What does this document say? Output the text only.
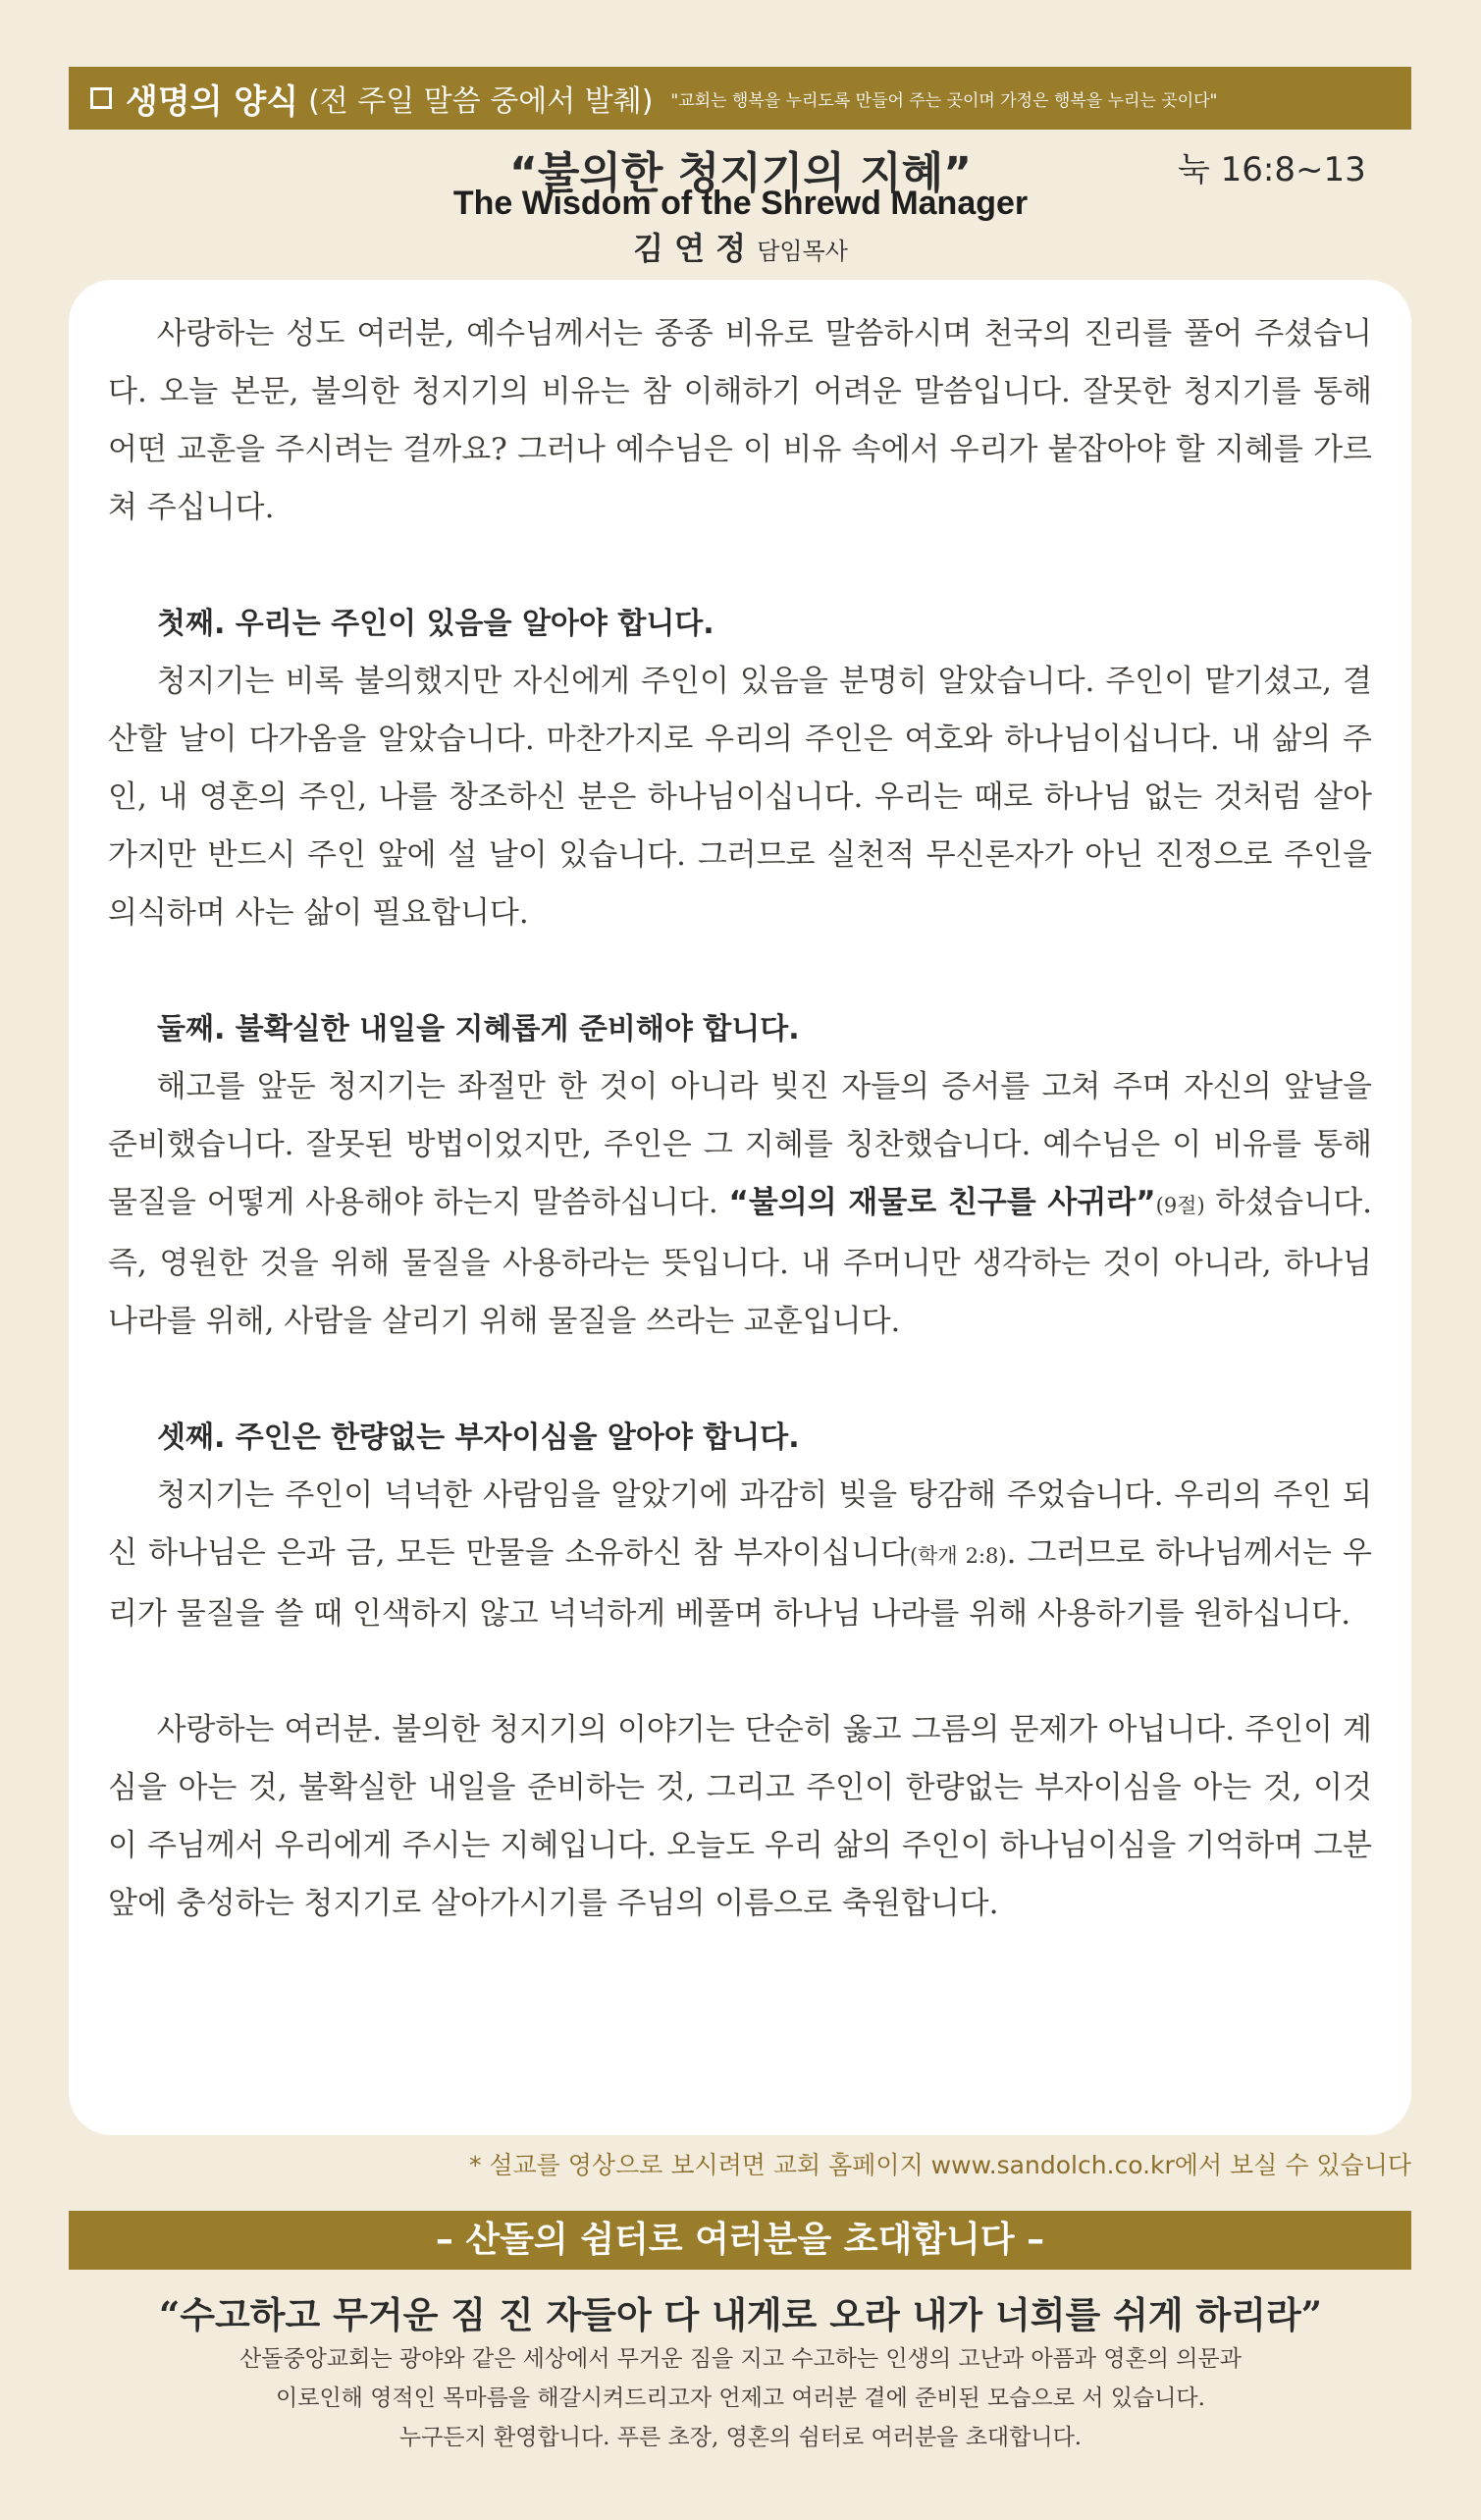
생명의 양식 (전 주일 말씀 중에서 발췌) "교회는 행복을 누리도록 만들어 주는 곳이며 가정은 행복을 누리는 곳이다"
“불의한 청지기의 지혜”	눅 16:8~13
The Wisdom of the Shrewd Manager
김 연 정 담임목사

사랑하는 성도 여러분, 예수님께서는 종종 비유로 말씀하시며 천국의 진리를 풀어 주셨습니다. 오늘 본문, 불의한 청지기의 비유는 참 이해하기 어려운 말씀입니다. 잘못한 청지기를 통해 어떤 교훈을 주시려는 걸까요? 그러나 예수님은 이 비유 속에서 우리가 붙잡아야 할 지혜를 가르쳐 주십니다.

첫째. 우리는 주인이 있음을 알아야 합니다.

청지기는 비록 불의했지만 자신에게 주인이 있음을 분명히 알았습니다. 주인이 맡기셨고, 결산할 날이 다가옴을 알았습니다. 마찬가지로 우리의 주인은 여호와 하나님이십니다. 내 삶의 주인, 내 영혼의 주인, 나를 창조하신 분은 하나님이십니다. 우리는 때로 하나님 없는 것처럼 살아가지만 반드시 주인 앞에 설 날이 있습니다. 그러므로 실천적 무신론자가 아닌 진정으로 주인을 의식하며 사는 삶이 필요합니다.

둘째. 불확실한 내일을 지혜롭게 준비해야 합니다.

해고를 앞둔 청지기는 좌절만 한 것이 아니라 빚진 자들의 증서를 고쳐 주며 자신의 앞날을 준비했습니다. 잘못된 방법이었지만, 주인은 그 지혜를 칭찬했습니다. 예수님은 이 비유를 통해 물질을 어떻게 사용해야 하는지 말씀하십니다. “불의의 재물로 친구를 사귀라”(9절) 하셨습니다. 즉, 영원한 것을 위해 물질을 사용하라는 뜻입니다. 내 주머니만 생각하는 것이 아니라, 하나님 나라를 위해, 사람을 살리기 위해 물질을 쓰라는 교훈입니다.

셋째. 주인은 한량없는 부자이심을 알아야 합니다.

청지기는 주인이 넉넉한 사람임을 알았기에 과감히 빚을 탕감해 주었습니다. 우리의 주인 되신 하나님은 은과 금, 모든 만물을 소유하신 참 부자이십니다(학개 2:8). 그러므로 하나님께서는 우리가 물질을 쓸 때 인색하지 않고 넉넉하게 베풀며 하나님 나라를 위해 사용하기를 원하십니다.

사랑하는 여러분. 불의한 청지기의 이야기는 단순히 옳고 그름의 문제가 아닙니다. 주인이 계심을 아는 것, 불확실한 내일을 준비하는 것, 그리고 주인이 한량없는 부자이심을 아는 것, 이것이 주님께서 우리에게 주시는 지혜입니다. 오늘도 우리 삶의 주인이 하나님이심을 기억하며 그분 앞에 충성하는 청지기로 살아가시기를 주님의 이름으로 축원합니다.

* 설교를 영상으로 보시려면 교회 홈페이지 www.sandolch.co.kr에서 보실 수 있습니다
– 산돌의 쉼터로 여러분을 초대합니다 –
“수고하고 무거운 짐 진 자들아 다 내게로 오라 내가 너희를 쉬게 하리라”
산돌중앙교회는 광야와 같은 세상에서 무거운 짐을 지고 수고하는 인생의 고난과 아픔과 영혼의 의문과
이로인해 영적인 목마름을 해갈시켜드리고자 언제고 여러분 곁에 준비된 모습으로 서 있습니다.
누구든지 환영합니다. 푸른 초장, 영혼의 쉼터로 여러분을 초대합니다.
